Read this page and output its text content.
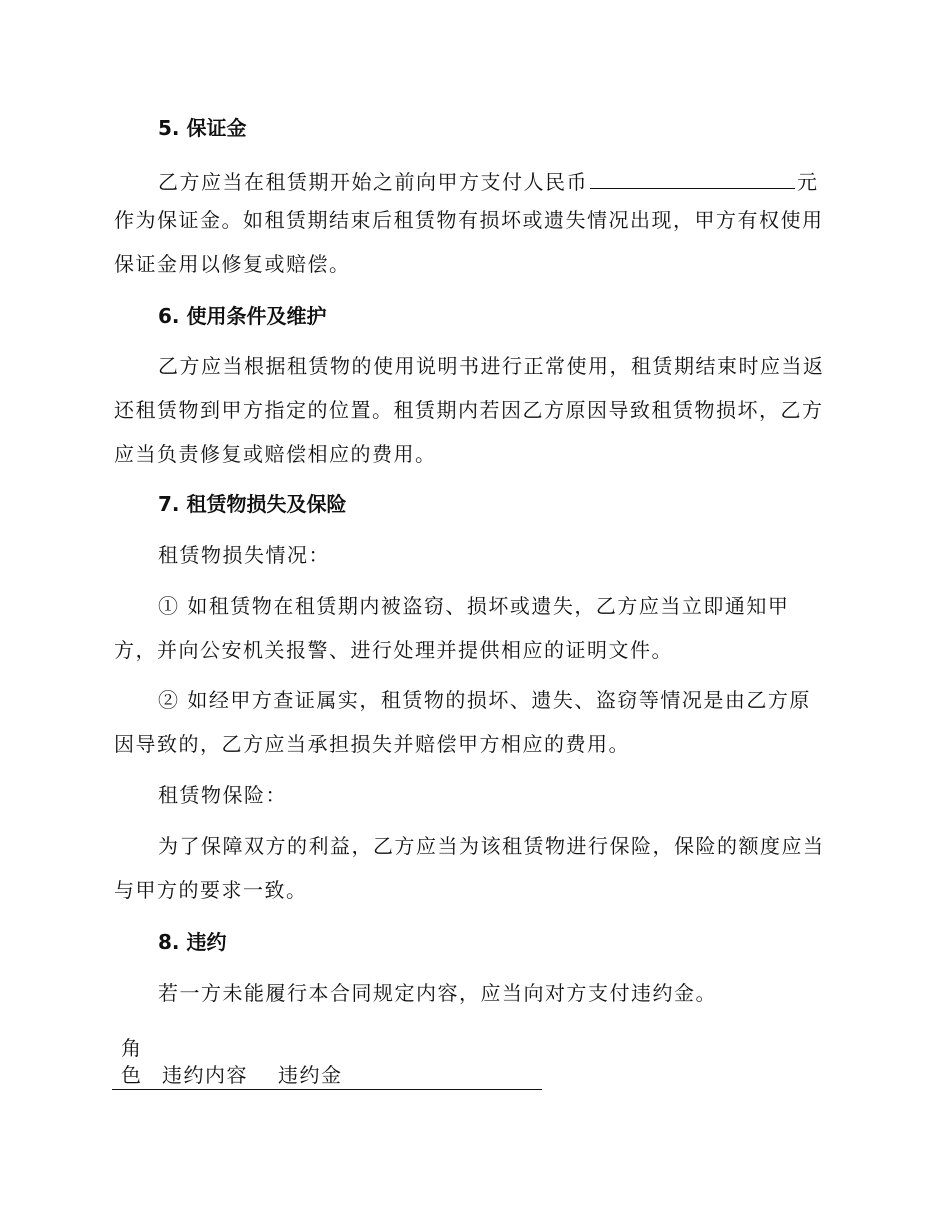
5. 保证金
乙方应当在租赁期开始之前向甲方支付人民币	元

作为保证金。如租赁期结束后租赁物有损坏或遗失情况出现，甲方有权使用保证金用以修复或赔偿。

6. 使用条件及维护

乙方应当根据租赁物的使用说明书进行正常使用，租赁期结束时应当返还租赁物到甲方指定的位置。租赁期内若因乙方原因导致租赁物损坏，乙方应当负责修复或赔偿相应的费用。

7. 租赁物损失及保险
租赁物损失情况：

① 如租赁物在租赁期内被盗窃、损坏或遗失，乙方应当立即通知甲方，并向公安机关报警、进行处理并提供相应的证明文件。

② 如经甲方查证属实，租赁物的损坏、遗失、盗窃等情况是由乙方原因导致的，乙方应当承担损失并赔偿甲方相应的费用。

租赁物保险：

为了保障双方的利益，乙方应当为该租赁物进行保险，保险的额度应当与甲方的要求一致。

8. 违约
若一方未能履行本合同规定内容，应当向对方支付违约金。
角
色 违约内容 违约金
